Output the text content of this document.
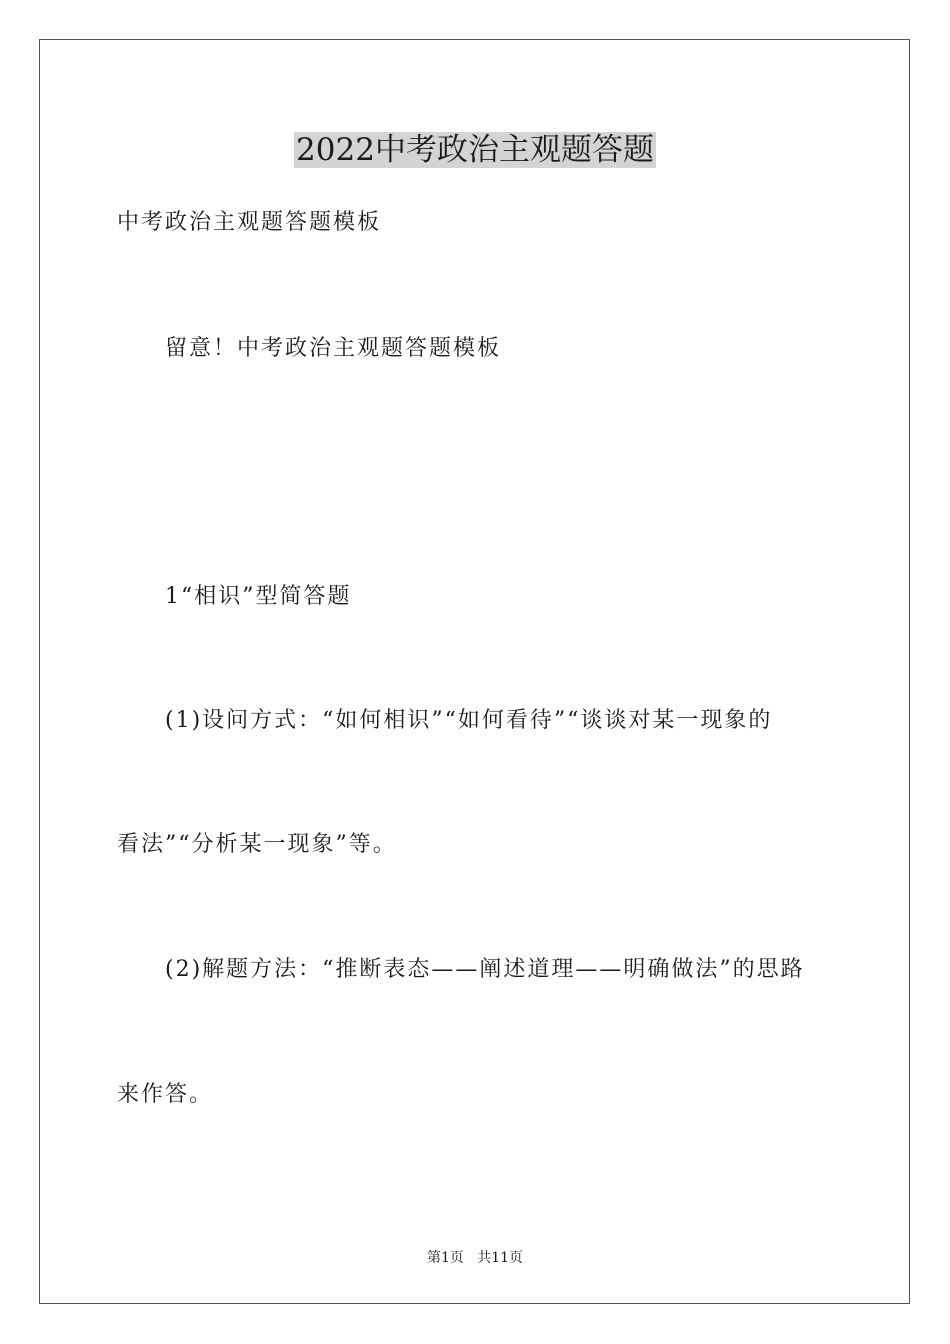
2022中考政治主观题答题

中考政治主观题答题模板

留意！中考政治主观题答题模板

1“相识”型简答题

(1)设问方式：“如何相识”“如何看待”“谈谈对某一现象的

看法”“分析某一现象”等。

(2)解题方法：“推断表态——阐述道理——明确做法”的思路

来作答。

第1页   共11页
